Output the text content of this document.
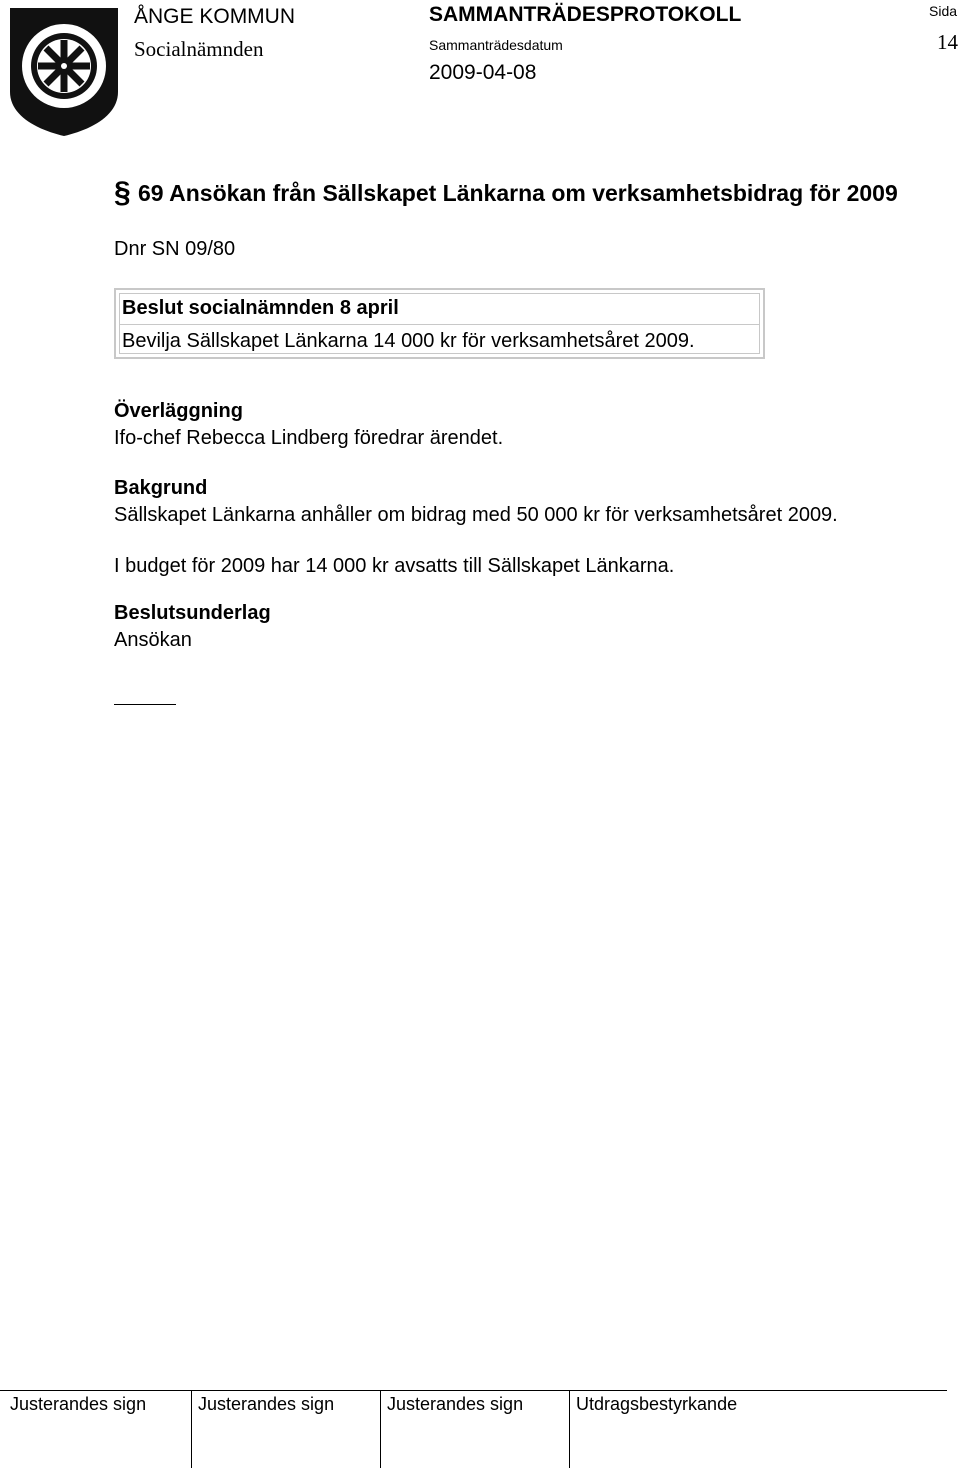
ÅNGE KOMMUN
Socialnämnden
SAMMANTRÄDESPROTOKOLL
Sammanträdesdatum
2009-04-08
Sida
14
§ 69 Ansökan från Sällskapet Länkarna om verksamhetsbidrag för 2009
Dnr SN 09/80
Beslut socialnämnden 8 april
Bevilja Sällskapet Länkarna 14 000 kr för verksamhetsåret 2009.
Överläggning
Ifo-chef Rebecca Lindberg föredrar ärendet.
Bakgrund
Sällskapet Länkarna anhåller om bidrag med 50 000 kr för verksamhetsåret 2009.
I budget för 2009 har 14 000 kr avsatts till Sällskapet Länkarna.
Beslutsunderlag
Ansökan
Justerandes sign	Justerandes sign	Justerandes sign	Utdragsbestyrkande
